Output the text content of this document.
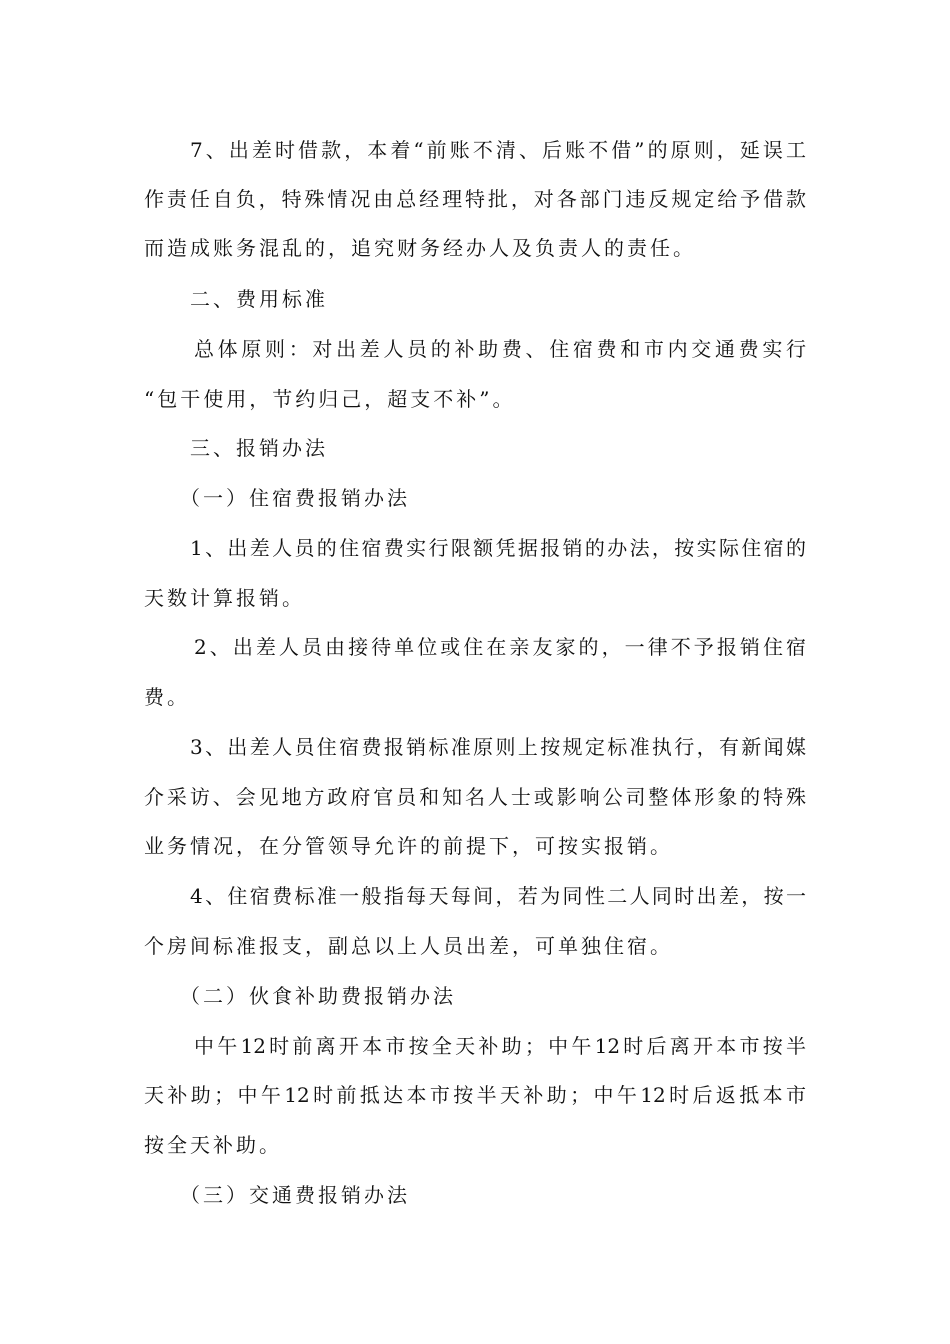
7、出差时借款，本着“前账不清、后账不借”的原则，延误工
作责任自负，特殊情况由总经理特批，对各部门违反规定给予借款
而造成账务混乱的，追究财务经办人及负责人的责任。
二、费用标准
总体原则：对出差人员的补助费、住宿费和市内交通费实行
“包干使用，节约归己，超支不补”。
三、报销办法
（一）住宿费报销办法
1、出差人员的住宿费实行限额凭据报销的办法，按实际住宿的
天数计算报销。
2、出差人员由接待单位或住在亲友家的，一律不予报销住宿
费。
3、出差人员住宿费报销标准原则上按规定标准执行，有新闻媒
介采访、会见地方政府官员和知名人士或影响公司整体形象的特殊
业务情况，在分管领导允许的前提下，可按实报销。
4、住宿费标准一般指每天每间，若为同性二人同时出差，按一
个房间标准报支，副总以上人员出差，可单独住宿。
（二）伙食补助费报销办法
中午12时前离开本市按全天补助；中午12时后离开本市按半
天补助；中午12时前抵达本市按半天补助；中午12时后返抵本市
按全天补助。
（三）交通费报销办法
